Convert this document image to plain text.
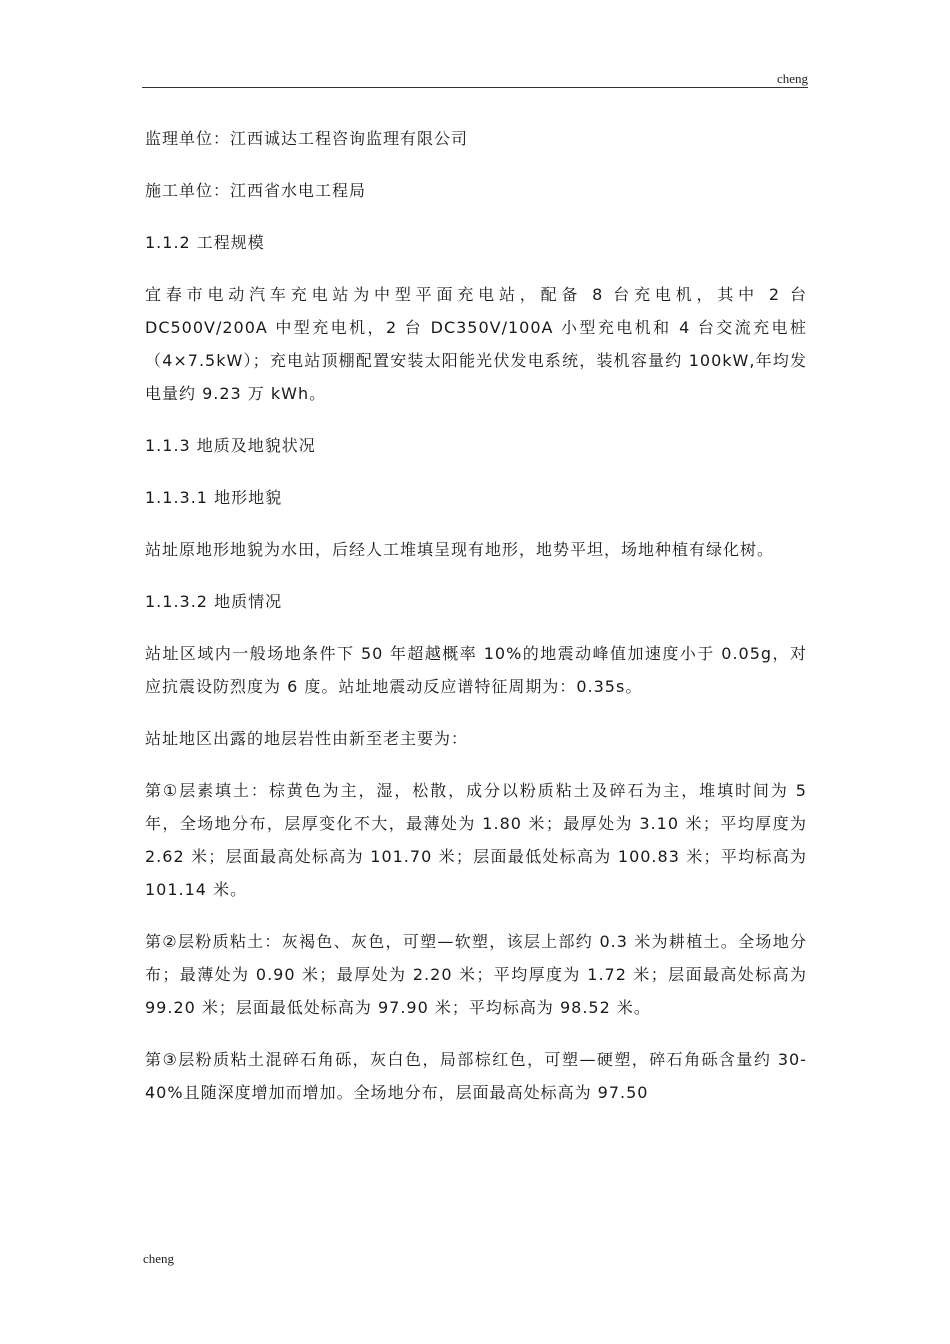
cheng

监理单位：江西诚达工程咨询监理有限公司

施工单位：江西省水电工程局

1.1.2 工程规模

宜春市电动汽车充电站为中型平面充电站，配备 8 台充电机，其中 2 台 DC500V/200A 中型充电机，2 台 DC350V/100A 小型充电机和 4 台交流充电桩（4×7.5kW）；充电站顶棚配置安装太阳能光伏发电系统，装机容量约 100kW,年均发电量约 9.23 万 kWh。

1.1.3 地质及地貌状况

1.1.3.1 地形地貌

站址原地形地貌为水田，后经人工堆填呈现有地形，地势平坦，场地种植有绿化树。

1.1.3.2 地质情况

站址区域内一般场地条件下 50 年超越概率 10%的地震动峰值加速度小于 0.05g，对应抗震设防烈度为 6 度。站址地震动反应谱特征周期为：0.35s。

站址地区出露的地层岩性由新至老主要为：

第①层素填土：棕黄色为主，湿，松散，成分以粉质粘土及碎石为主，堆填时间为 5 年，全场地分布，层厚变化不大，最薄处为 1.80 米；最厚处为 3.10 米；平均厚度为 2.62 米；层面最高处标高为 101.70 米；层面最低处标高为 100.83 米；平均标高为 101.14 米。

第②层粉质粘土：灰褐色、灰色，可塑—软塑，该层上部约 0.3 米为耕植土。全场地分布；最薄处为 0.90 米；最厚处为 2.20 米；平均厚度为 1.72 米；层面最高处标高为 99.20 米；层面最低处标高为 97.90 米；平均标高为 98.52 米。

第③层粉质粘土混碎石角砾，灰白色，局部棕红色，可塑—硬塑，碎石角砾含量约 30-40%且随深度增加而增加。全场地分布，层面最高处标高为 97.50

cheng
